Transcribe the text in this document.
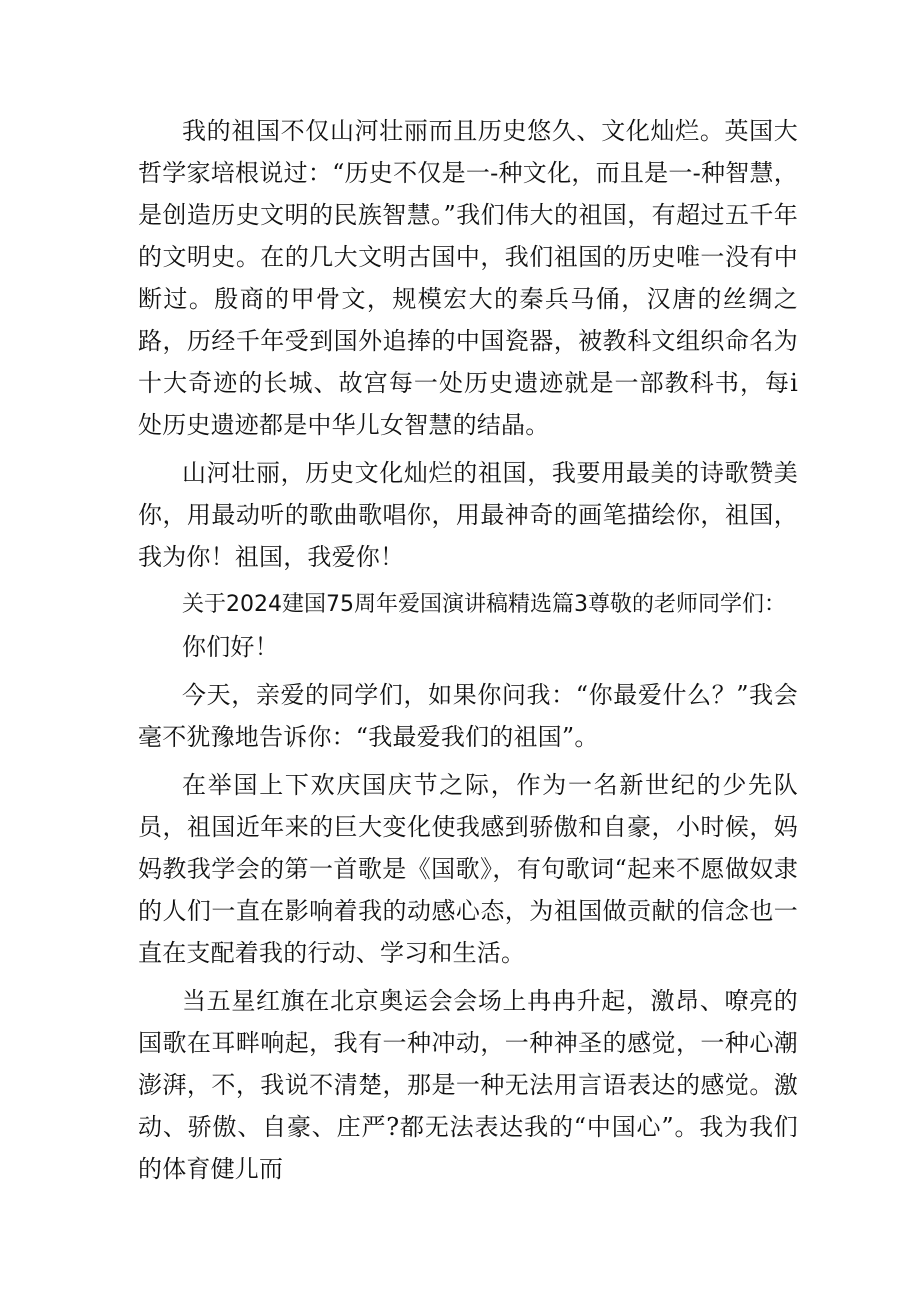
我的祖国不仅山河壮丽而且历史悠久、文化灿烂。英国大哲学家培根说过：“历史不仅是一-种文化，而且是一-种智慧，是创造历史文明的民族智慧。”我们伟大的祖国，有超过五千年的文明史。在的几大文明古国中，我们祖国的历史唯一没有中断过。殷商的甲骨文，规模宏大的秦兵马俑，汉唐的丝绸之路，历经千年受到国外追捧的中国瓷器，被教科文组织命名为十大奇迹的长城、故宫每一处历史遗迹就是一部教科书，每i处历史遗迹都是中华儿女智慧的结晶。

山河壮丽，历史文化灿烂的祖国，我要用最美的诗歌赞美你，用最动听的歌曲歌唱你，用最神奇的画笔描绘你，祖国，我为你！祖国，我爱你！

关于2024建国75周年爱国演讲稿精选篇3尊敬的老师同学们：

你们好！

今天，亲爱的同学们，如果你问我：“你最爱什么？”我会毫不犹豫地告诉你：“我最爱我们的祖国”。

在举国上下欢庆国庆节之际，作为一名新世纪的少先队员，祖国近年来的巨大变化使我感到骄傲和自豪，小时候，妈妈教我学会的第一首歌是《国歌》，有句歌词“起来不愿做奴隶的人们一直在影响着我的动感心态，为祖国做贡献的信念也一直在支配着我的行动、学习和生活。

当五星红旗在北京奥运会会场上冉冉升起，激昂、嘹亮的国歌在耳畔响起，我有一种冲动，一种神圣的感觉，一种心潮澎湃，不，我说不清楚，那是一种无法用言语表达的感觉。激动、骄傲、自豪、庄严?都无法表达我的“中国心”。我为我们的体育健儿而
